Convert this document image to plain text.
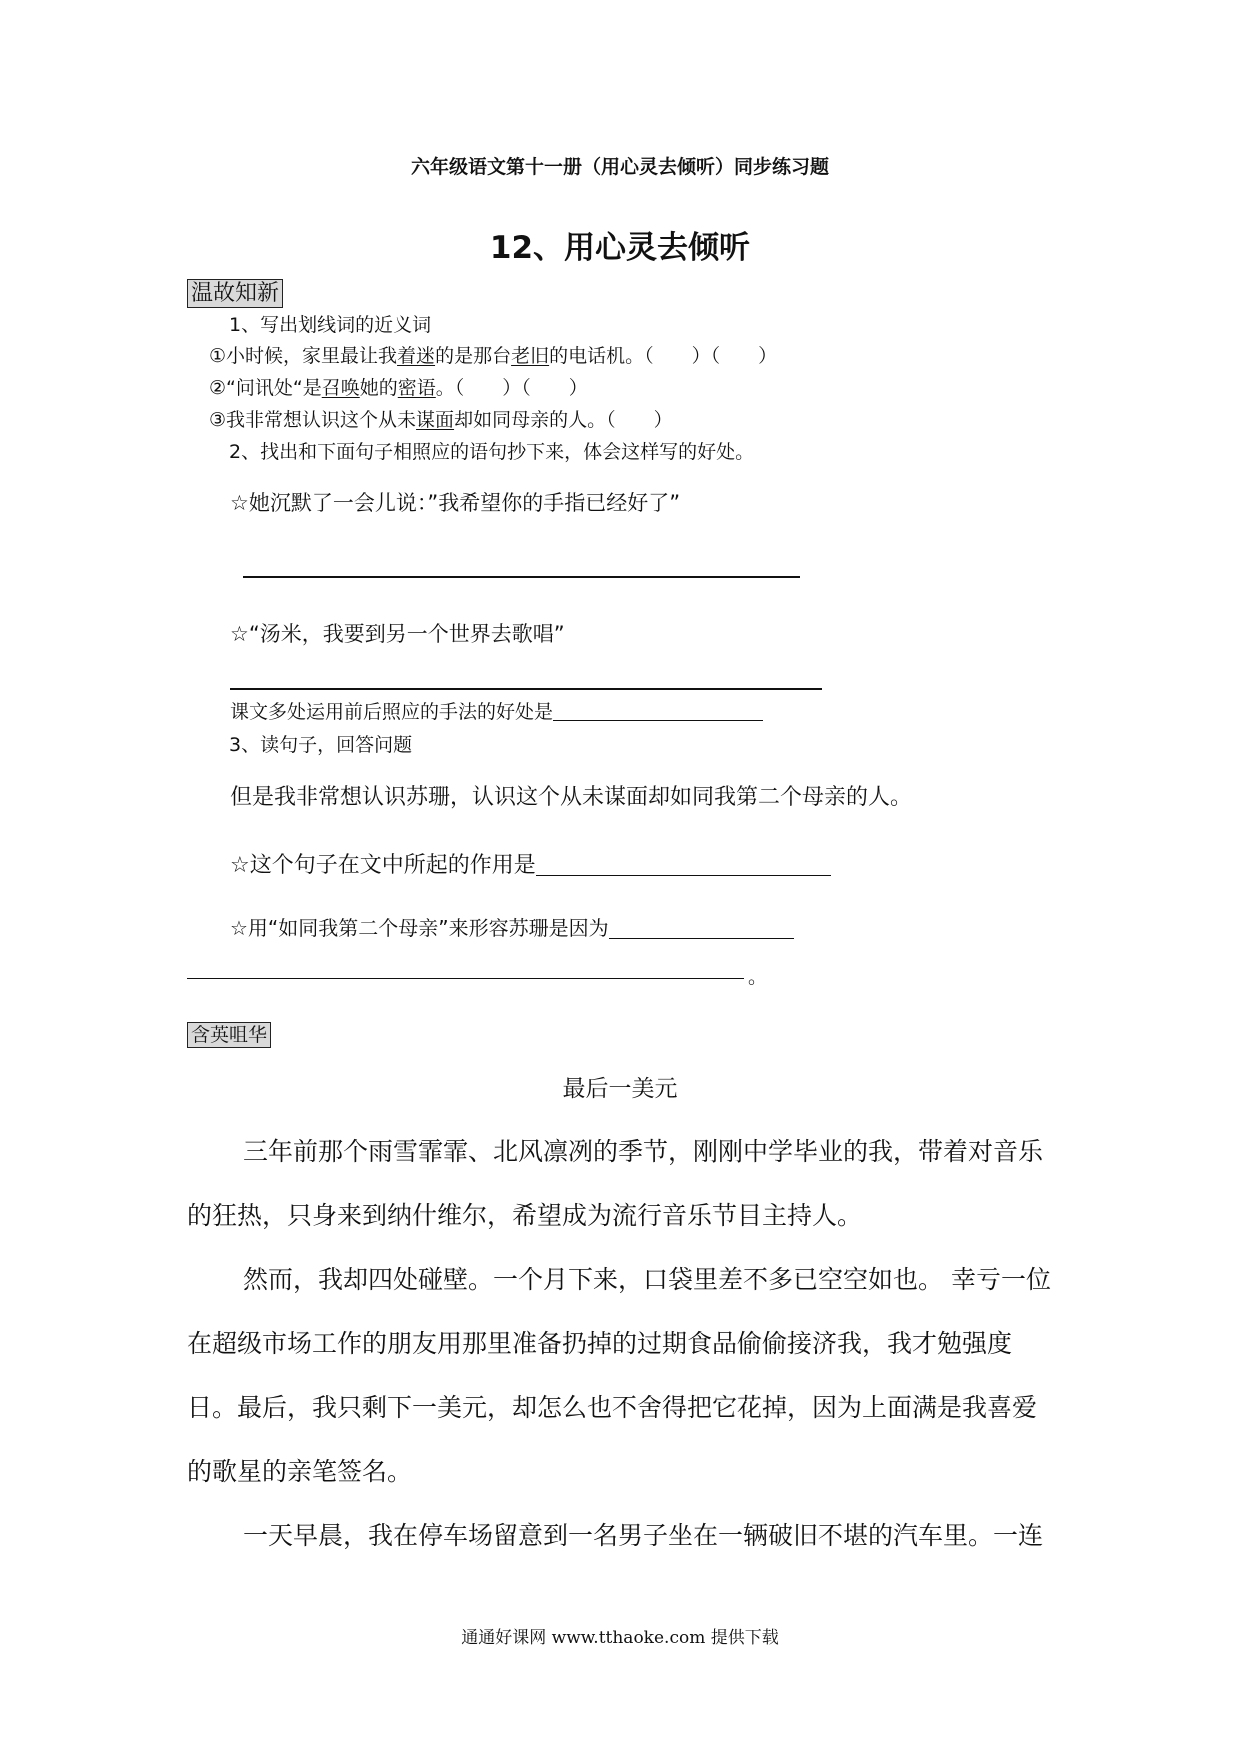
六年级语文第十一册（用心灵去倾听）同步练习题
12、用心灵去倾听
温故知新
1、写出划线词的近义词
①小时候，家里最让我着迷的是那台老旧的电话机。（　　）（　　）
②“问讯处“是召唤她的密语。（　　）（　　）
③我非常想认识这个从未谋面却如同母亲的人。（　　）
2、找出和下面句子相照应的语句抄下来，体会这样写的好处。
☆她沉默了一会儿说：”我希望你的手指已经好了”
☆“汤米，我要到另一个世界去歌唱”
课文多处运用前后照应的手法的好处是
3、读句子，回答问题
但是我非常想认识苏珊，认识这个从未谋面却如同我第二个母亲的人。
☆这个句子在文中所起的作用是
☆用“如同我第二个母亲”来形容苏珊是因为
。
含英咀华
最后一美元
三年前那个雨雪霏霏、北风凛冽的季节，刚刚中学毕业的我，带着对音乐的狂热，只身来到纳什维尔，希望成为流行音乐节目主持人。
然而，我却四处碰壁。一个月下来，口袋里差不多已空空如也。 幸亏一位在超级市场工作的朋友用那里准备扔掉的过期食品偷偷接济我，我才勉强度日。最后，我只剩下一美元，却怎么也不舍得把它花掉，因为上面满是我喜爱的歌星的亲笔签名。
一天早晨，我在停车场留意到一名男子坐在一辆破旧不堪的汽车里。一连
通通好课网 www.tthaoke.com 提供下载
